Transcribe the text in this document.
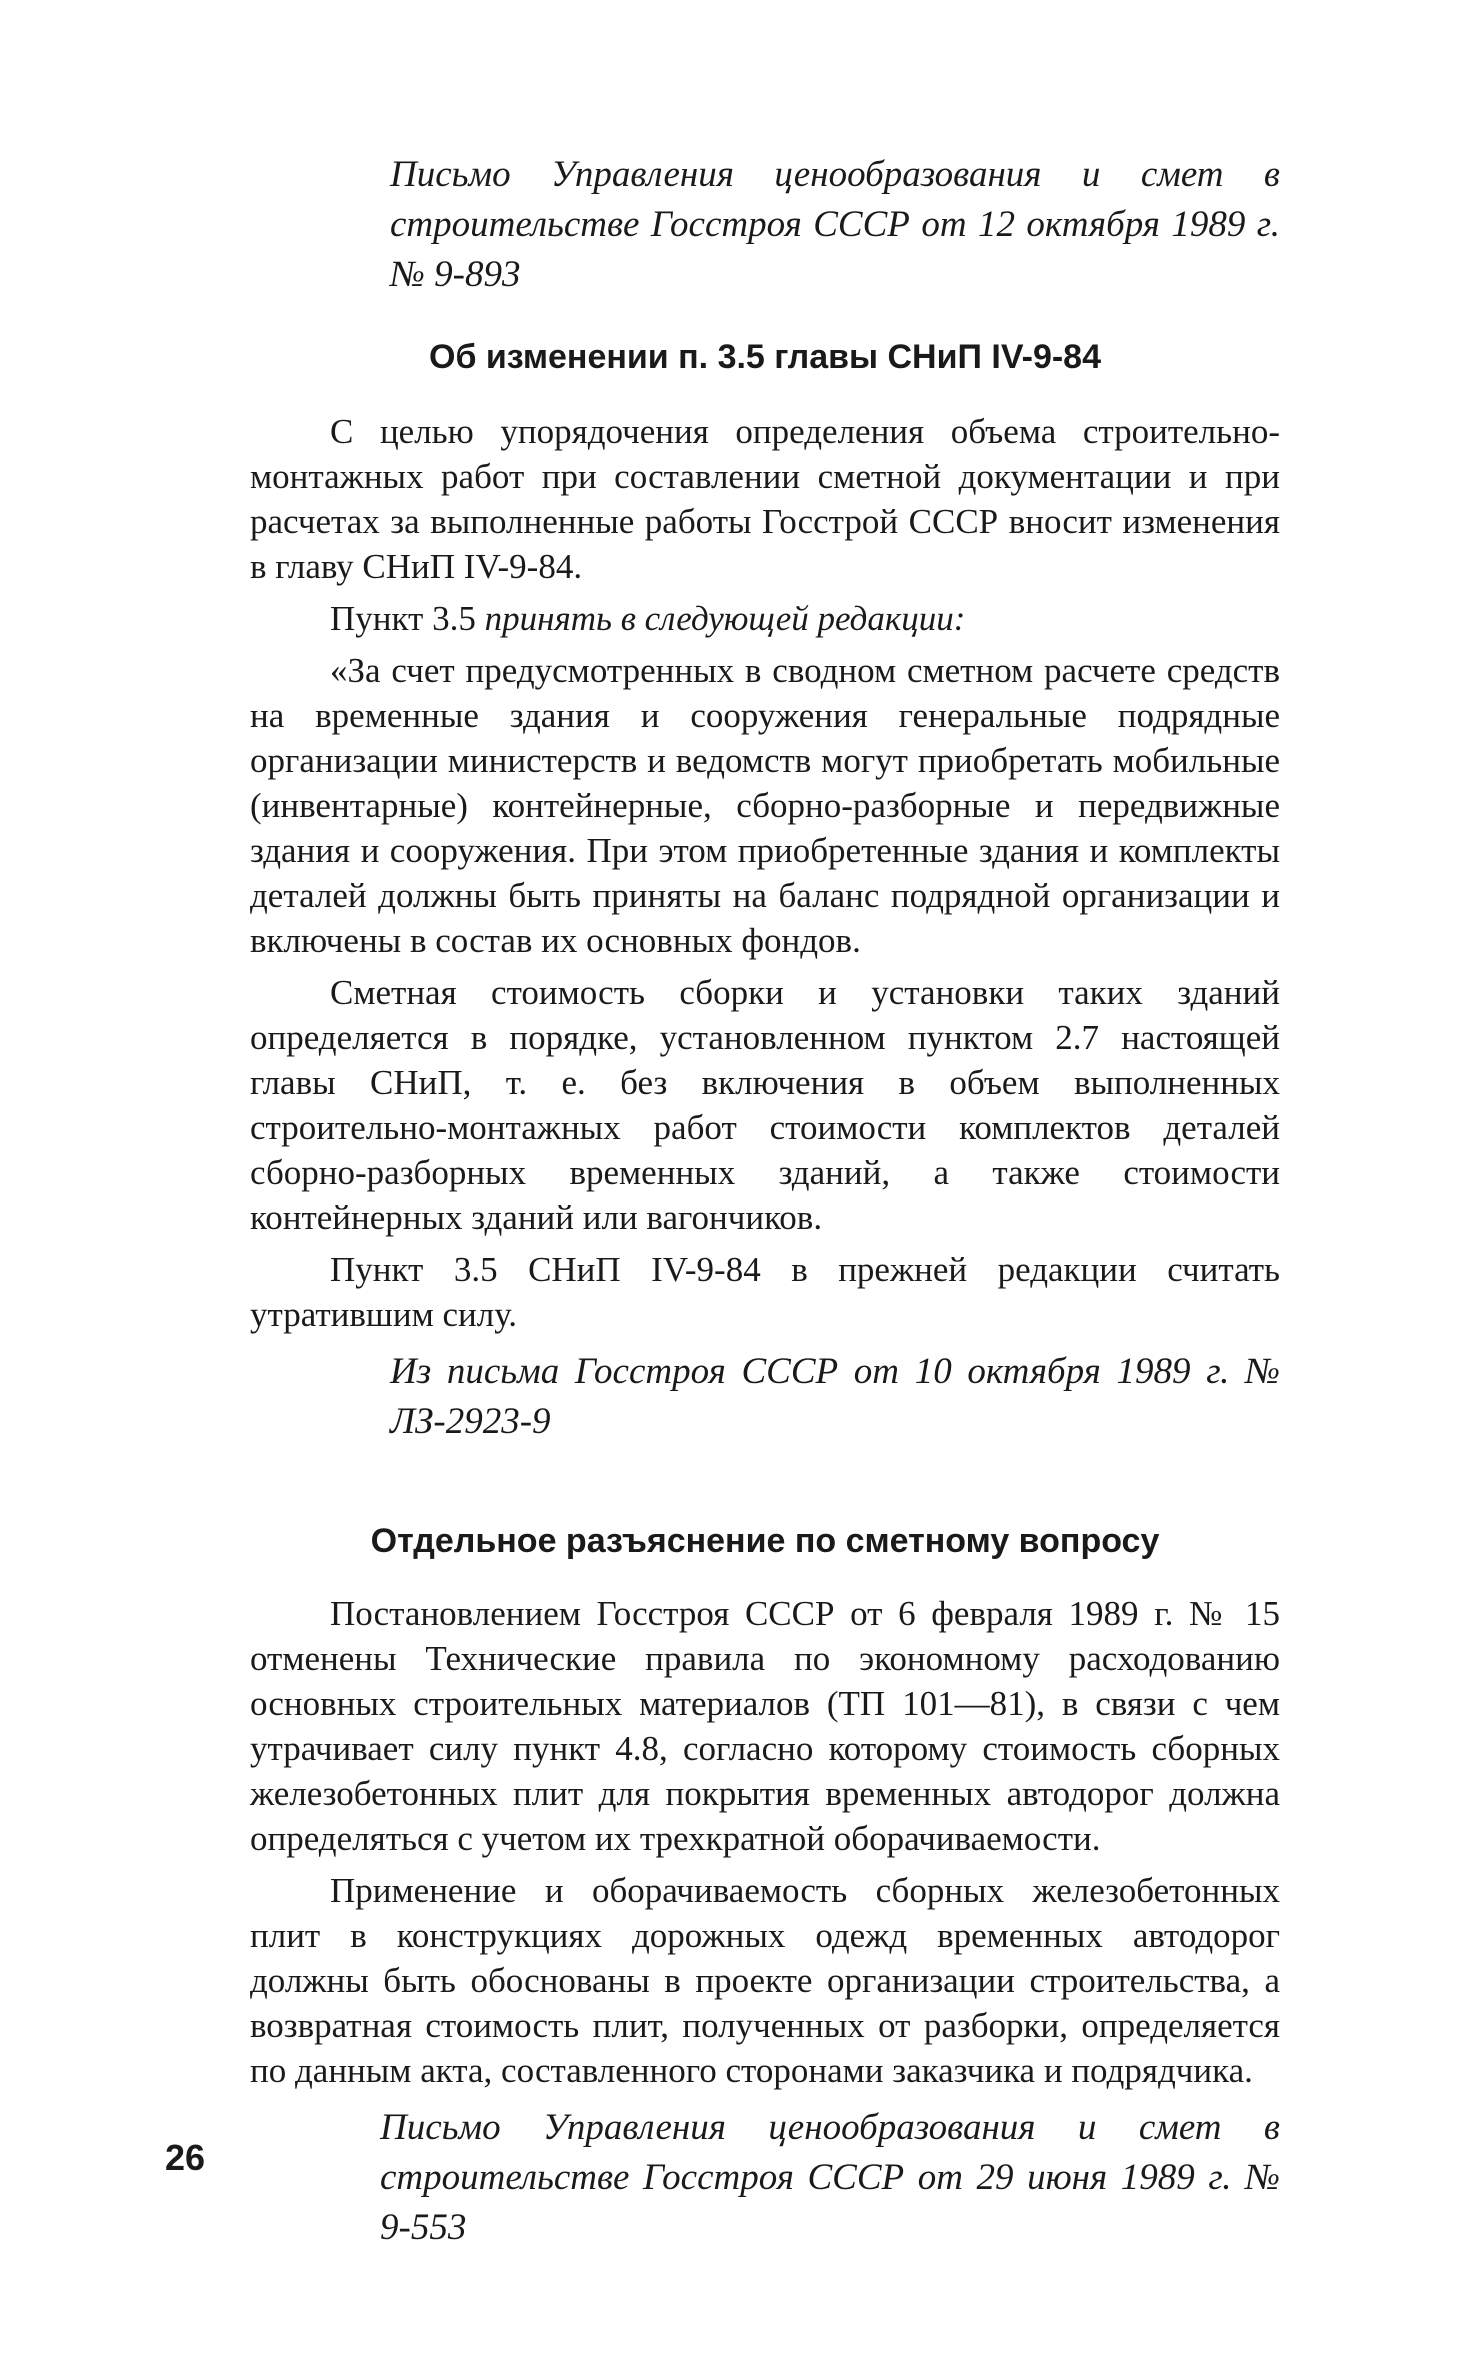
Письмо Управления ценообразования и смет в строительстве Госстроя СССР от 12 октября 1989 г. № 9-893

Об изменении п. 3.5 главы СНиП IV-9-84

С целью упорядочения определения объема строительно-монтажных работ при составлении сметной документации и при расчетах за выполненные работы Госстрой СССР вносит изменения в главу СНиП IV-9-84.

Пункт 3.5 принять в следующей редакции:

«За счет предусмотренных в сводном сметном расчете средств на временные здания и сооружения генеральные подрядные организации министерств и ведомств могут приобретать мобильные (инвентарные) контейнерные, сборно-разборные и передвижные здания и сооружения. При этом приобретенные здания и комплекты деталей должны быть приняты на баланс подрядной организации и включены в состав их основных фондов.

Сметная стоимость сборки и установки таких зданий определяется в порядке, установленном пунктом 2.7 настоящей главы СНиП, т. е. без включения в объем выполненных строительно-монтажных работ стоимости комплектов деталей сборно-разборных временных зданий, а также стоимости контейнерных зданий или вагончиков.

Пункт 3.5 СНиП IV-9-84 в прежней редакции считать утратившим силу.

Из письма Госстроя СССР от 10 октября 1989 г. № ЛЗ-2923-9

Отдельное разъяснение по сметному вопросу

Постановлением Госстроя СССР от 6 февраля 1989 г. № 15 отменены Технические правила по экономному расходованию основных строительных материалов (ТП 101—81), в связи с чем утрачивает силу пункт 4.8, согласно которому стоимость сборных железобетонных плит для покрытия временных автодорог должна определяться с учетом их трехкратной оборачиваемости.

Применение и оборачиваемость сборных железобетонных плит в конструкциях дорожных одежд временных автодорог должны быть обоснованы в проекте организации строительства, а возвратная стоимость плит, полученных от разборки, определяется по данным акта, составленного сторонами заказчика и подрядчика.

Письмо Управления ценообразования и смет в строительстве Госстроя СССР от 29 июня 1989 г. № 9-553

26
